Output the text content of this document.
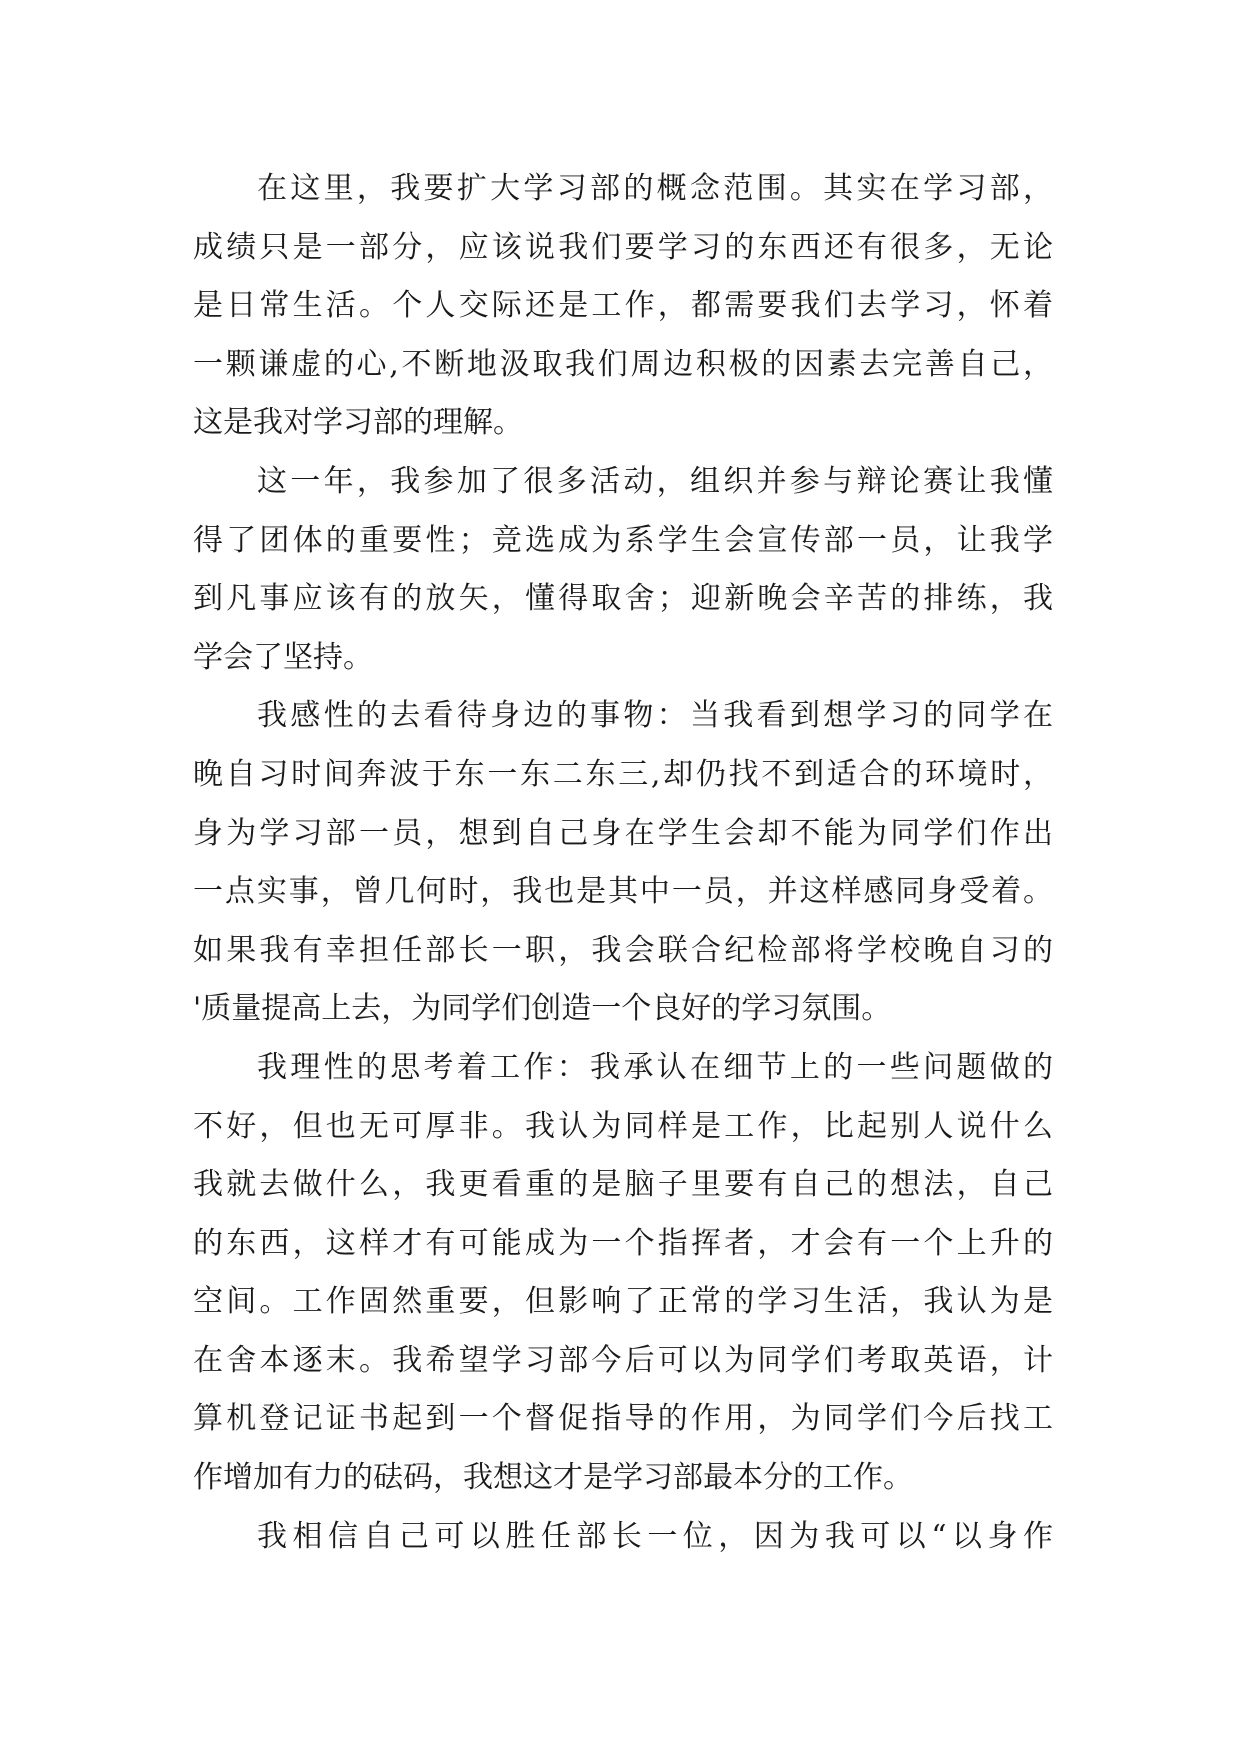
在这里，我要扩大学习部的概念范围。其实在学习部，
成绩只是一部分，应该说我们要学习的东西还有很多，无论
是日常生活。个人交际还是工作，都需要我们去学习，怀着
一颗谦虚的心,不断地汲取我们周边积极的因素去完善自己，
这是我对学习部的理解。
这一年，我参加了很多活动，组织并参与辩论赛让我懂
得了团体的重要性；竞选成为系学生会宣传部一员，让我学
到凡事应该有的放矢，懂得取舍；迎新晚会辛苦的排练，我
学会了坚持。
我感性的去看待身边的事物：当我看到想学习的同学在
晚自习时间奔波于东一东二东三,却仍找不到适合的环境时，
身为学习部一员，想到自己身在学生会却不能为同学们作出
一点实事，曾几何时，我也是其中一员，并这样感同身受着。
如果我有幸担任部长一职，我会联合纪检部将学校晚自习的
'质量提高上去，为同学们创造一个良好的学习氛围。
我理性的思考着工作：我承认在细节上的一些问题做的
不好，但也无可厚非。我认为同样是工作，比起别人说什么
我就去做什么，我更看重的是脑子里要有自己的想法，自己
的东西，这样才有可能成为一个指挥者，才会有一个上升的
空间。工作固然重要，但影响了正常的学习生活，我认为是
在舍本逐末。我希望学习部今后可以为同学们考取英语，计
算机登记证书起到一个督促指导的作用，为同学们今后找工
作增加有力的砝码，我想这才是学习部最本分的工作。
我相信自己可以胜任部长一位，因为我可以“以身作
